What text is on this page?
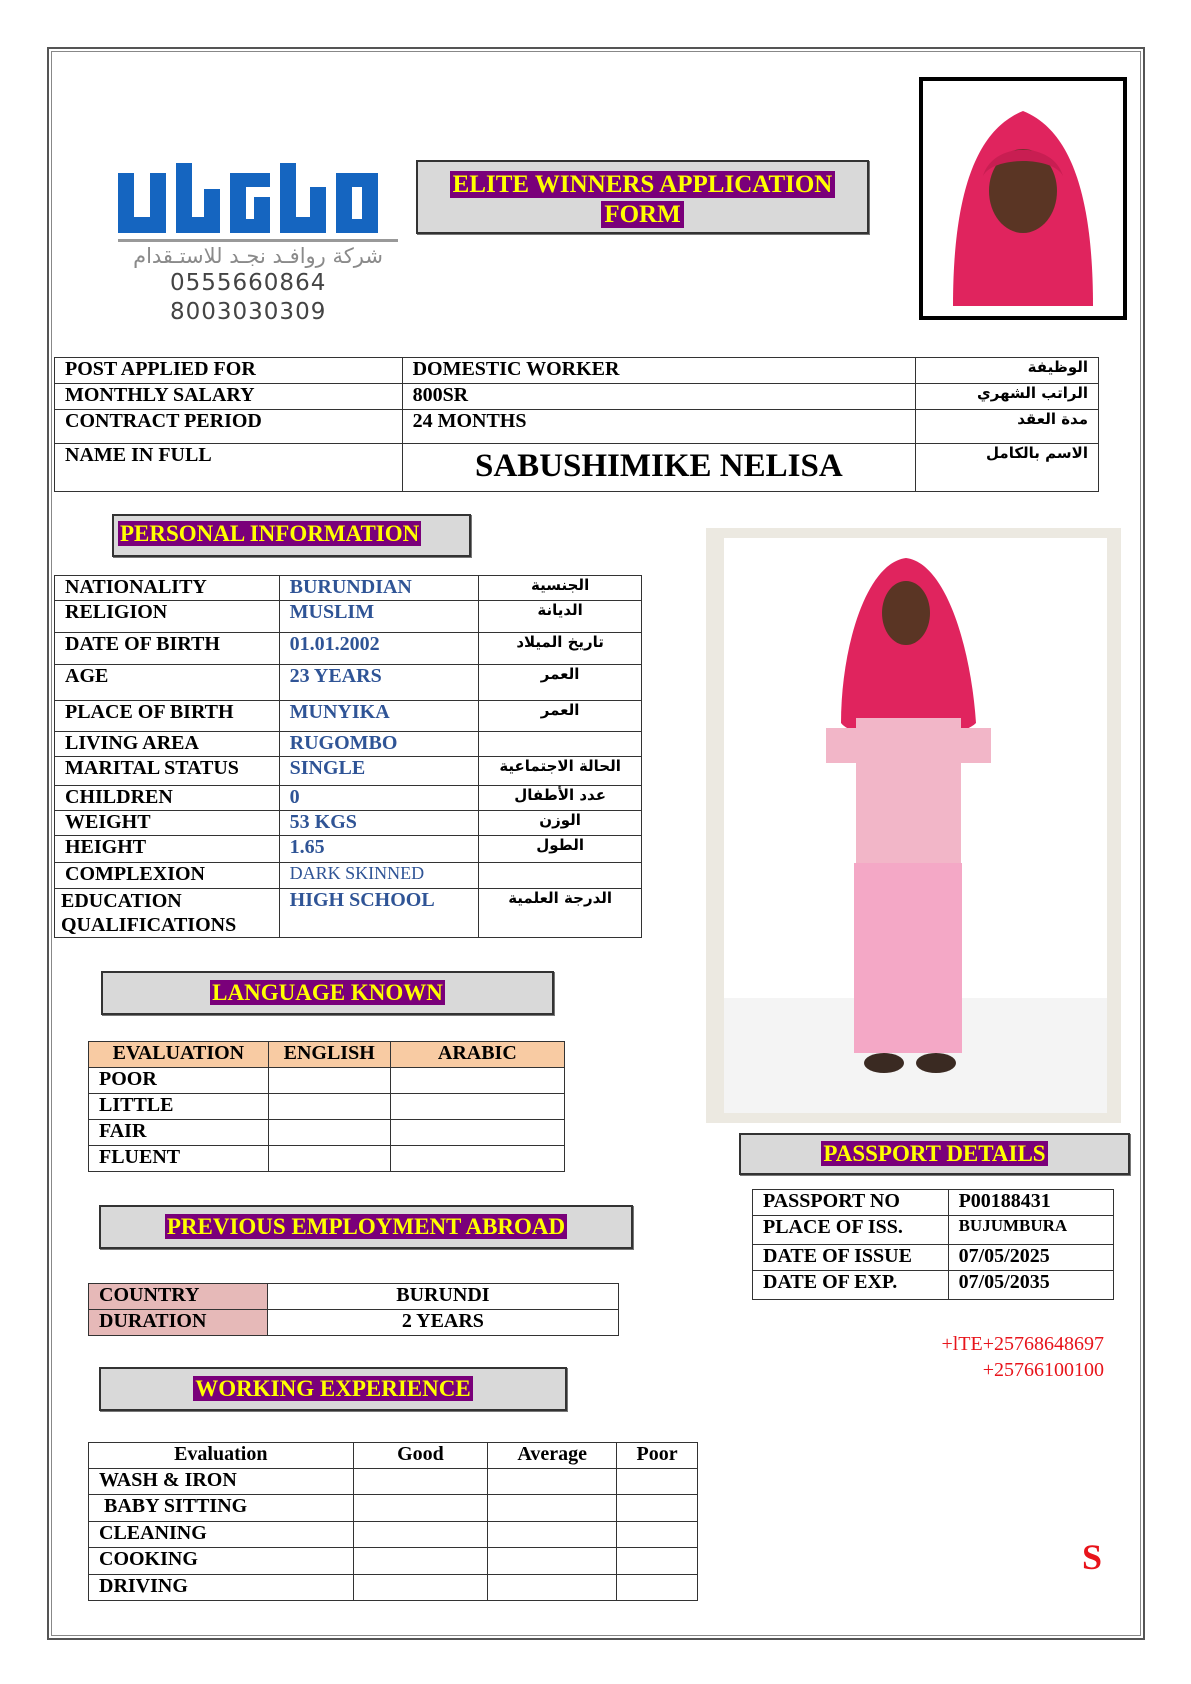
شركة روافـد نجـد للاستـقدام
0555660864
8003030309
ELITE WINNERS APPLICATION FORM
POST APPLIED FOR	DOMESTIC WORKER	الوظيفة
MONTHLY SALARY	800SR	الراتب الشهري
CONTRACT PERIOD	24 MONTHS	مدة العقد
NAME IN FULL	SABUSHIMIKE NELISA	الاسم بالكامل
PERSONAL INFORMATION
NATIONALITY	BURUNDIAN	الجنسية
RELIGION	MUSLIM	الديانة
DATE OF BIRTH	01.01.2002	تاريخ الميلاد
AGE	23 YEARS	العمر
PLACE OF BIRTH	MUNYIKA	العمر
LIVING AREA	RUGOMBO	
MARITAL STATUS	SINGLE	الحالة الاجتماعية
CHILDREN	0	عدد الأطفال
WEIGHT	53 KGS	الوزن
HEIGHT	1.65	الطول
COMPLEXION	DARK SKINNED	
EDUCATION QUALIFICATIONS	HIGH SCHOOL	الدرجة العلمية
LANGUAGE KNOWN
EVALUATION	ENGLISH	ARABIC
POOR		
LITTLE		
FAIR		
FLUENT		
PREVIOUS EMPLOYMENT ABROAD
COUNTRY	BURUNDI
DURATION	2 YEARS
WORKING EXPERIENCE
Evaluation	Good	Average	Poor
WASH & IRON			
BABY SITTING			
CLEANING			
COOKING			
DRIVING			
PASSPORT DETAILS
PASSPORT NO	P00188431
PLACE OF ISS.	BUJUMBURA
DATE OF ISSUE	07/05/2025
DATE OF EXP.	07/05/2035
+lTE+25768648697
+25766100100
S
